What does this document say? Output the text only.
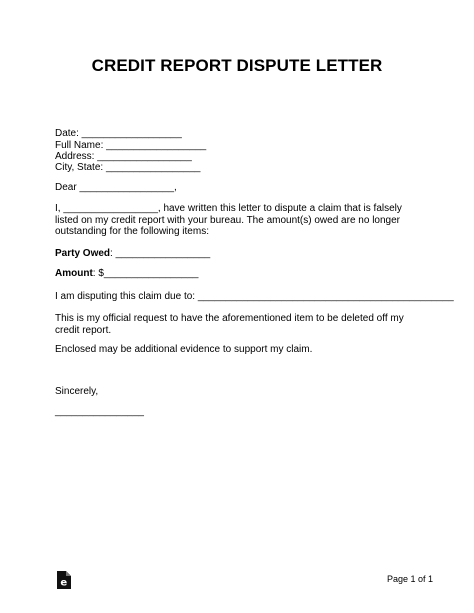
CREDIT REPORT DISPUTE LETTER
Date: __________________
Full Name: __________________
Address: _________________
City, State: _________________
Dear _________________,
I, _________________, have written this letter to dispute a claim that is falsely listed on my credit report with your bureau. The amount(s) owed are no longer outstanding for the following items:
Party Owed: _________________
Amount: $_________________
I am disputing this claim due to: ______________________________________________
This is my official request to have the aforementioned item to be deleted off my credit report.
Enclosed may be additional evidence to support my claim.
Sincerely,
________________
e	Page 1 of 1
